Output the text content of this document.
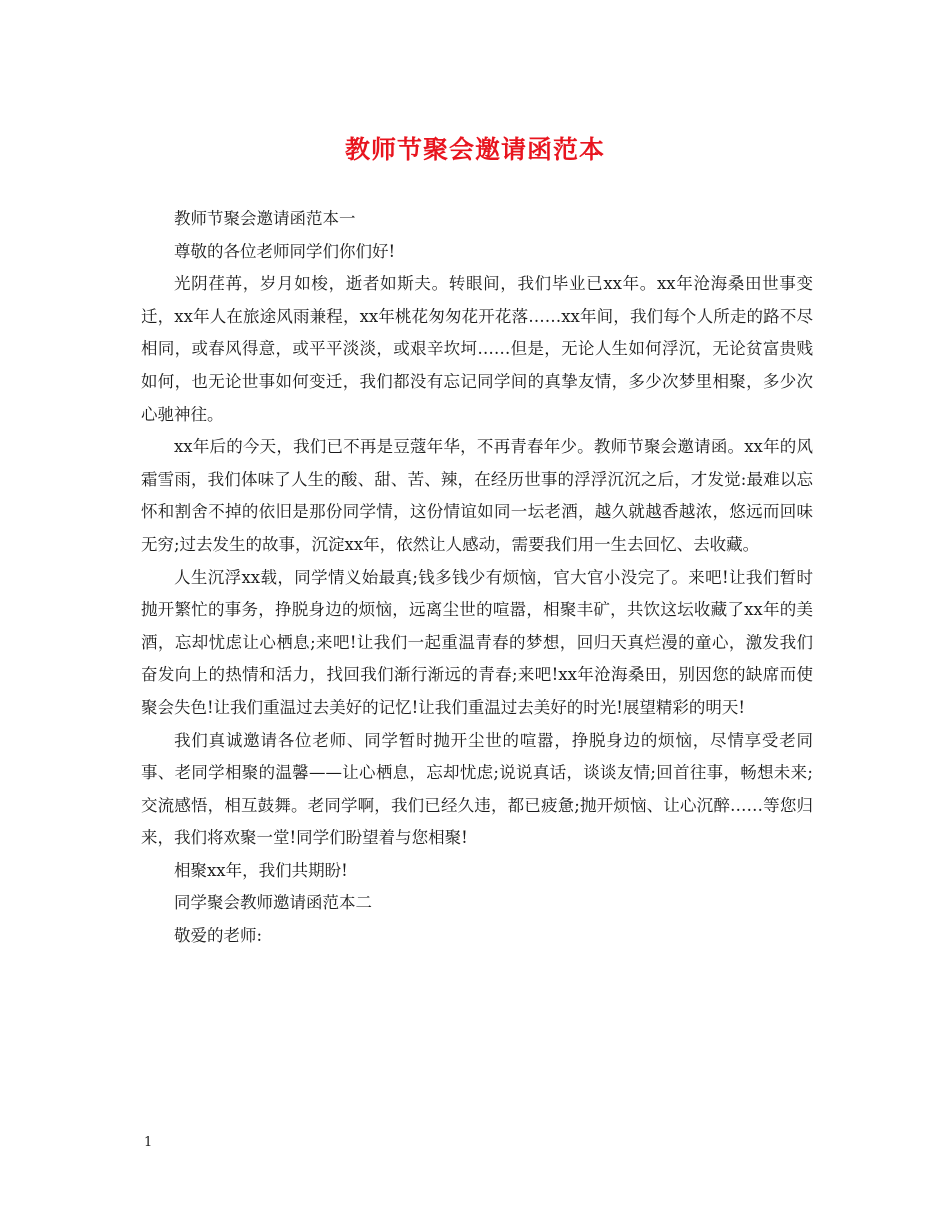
教师节聚会邀请函范本

教师节聚会邀请函范本一

尊敬的各位老师同学们你们好!

光阴荏苒，岁月如梭，逝者如斯夫。转眼间，我们毕业已xx年。xx年沧海桑田世事变迁，xx年人在旅途风雨兼程，xx年桃花匆匆花开花落……xx年间，我们每个人所走的路不尽相同，或春风得意，或平平淡淡，或艰辛坎坷……但是，无论人生如何浮沉，无论贫富贵贱如何，也无论世事如何变迁，我们都没有忘记同学间的真挚友情，多少次梦里相聚，多少次心驰神往。

xx年后的今天，我们已不再是豆蔻年华，不再青春年少。教师节聚会邀请函。xx年的风霜雪雨，我们体味了人生的酸、甜、苦、辣，在经历世事的浮浮沉沉之后，才发觉:最难以忘怀和割舍不掉的依旧是那份同学情，这份情谊如同一坛老酒，越久就越香越浓，悠远而回味无穷;过去发生的故事，沉淀xx年，依然让人感动，需要我们用一生去回忆、去收藏。

人生沉浮xx载，同学情义始最真;钱多钱少有烦恼，官大官小没完了。来吧!让我们暂时抛开繁忙的事务，挣脱身边的烦恼，远离尘世的喧嚣，相聚丰矿，共饮这坛收藏了xx年的美酒，忘却忧虑让心栖息;来吧!让我们一起重温青春的梦想，回归天真烂漫的童心，激发我们奋发向上的热情和活力，找回我们渐行渐远的青春;来吧!xx年沧海桑田，别因您的缺席而使聚会失色!让我们重温过去美好的记忆!让我们重温过去美好的时光!展望精彩的明天!

我们真诚邀请各位老师、同学暂时抛开尘世的喧嚣，挣脱身边的烦恼，尽情享受老同事、老同学相聚的温馨——让心栖息，忘却忧虑;说说真话，谈谈友情;回首往事，畅想未来;交流感悟，相互鼓舞。老同学啊，我们已经久违，都已疲惫;抛开烦恼、让心沉醉……等您归来，我们将欢聚一堂!同学们盼望着与您相聚!

相聚xx年，我们共期盼!

同学聚会教师邀请函范本二

敬爱的老师:

1
